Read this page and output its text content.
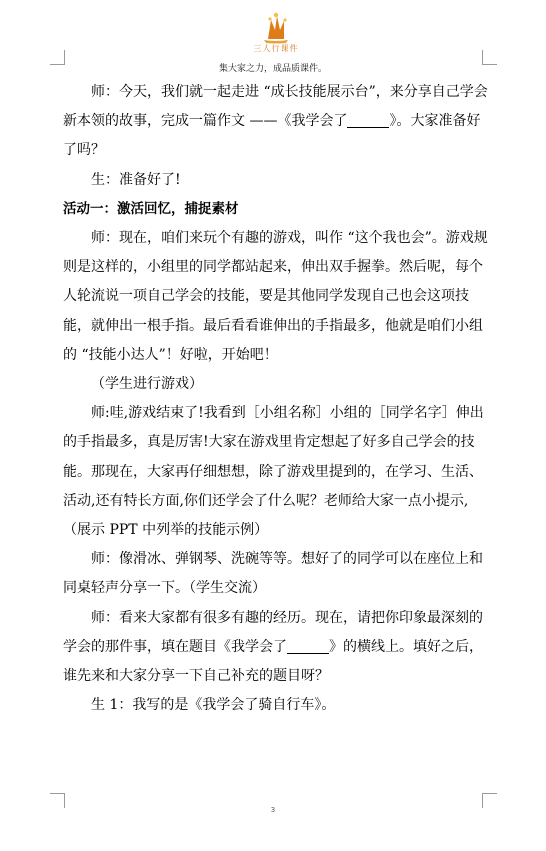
三人行课件
集大家之力，成品质课件。

师：今天，我们就一起走进 “成长技能展示台”，来分享自己学会新本领的故事，完成一篇作文 ——《我学会了	》。大家准备好了吗？

生：准备好了!

活动一：激活回忆，捕捉素材

师：现在，咱们来玩个有趣的游戏，叫作 “这个我也会”。游戏规则是这样的，小组里的同学都站起来，伸出双手握拳。然后呢，每个人轮流说一项自己学会的技能，要是其他同学发现自己也会这项技能，就伸出一根手指。最后看看谁伸出的手指最多，他就是咱们小组的 “技能小达人”！好啦，开始吧！

（学生进行游戏）

师:哇,游戏结束了!我看到［小组名称］小组的［同学名字］伸出的手指最多，真是厉害!大家在游戏里肯定想起了好多自己学会的技能。那现在，大家再仔细想想，除了游戏里提到的，在学习、生活、活动,还有特长方面,你们还学会了什么呢？老师给大家一点小提示,（展示 PPT 中列举的技能示例）

师：像滑冰、弹钢琴、洗碗等等。想好了的同学可以在座位上和同桌轻声分享一下。（学生交流）

师：看来大家都有很多有趣的经历。现在，请把你印象最深刻的学会的那件事，填在题目《我学会了	》的横线上。填好之后，谁先来和大家分享一下自己补充的题目呀？

生 1：我写的是《我学会了骑自行车》。

3
